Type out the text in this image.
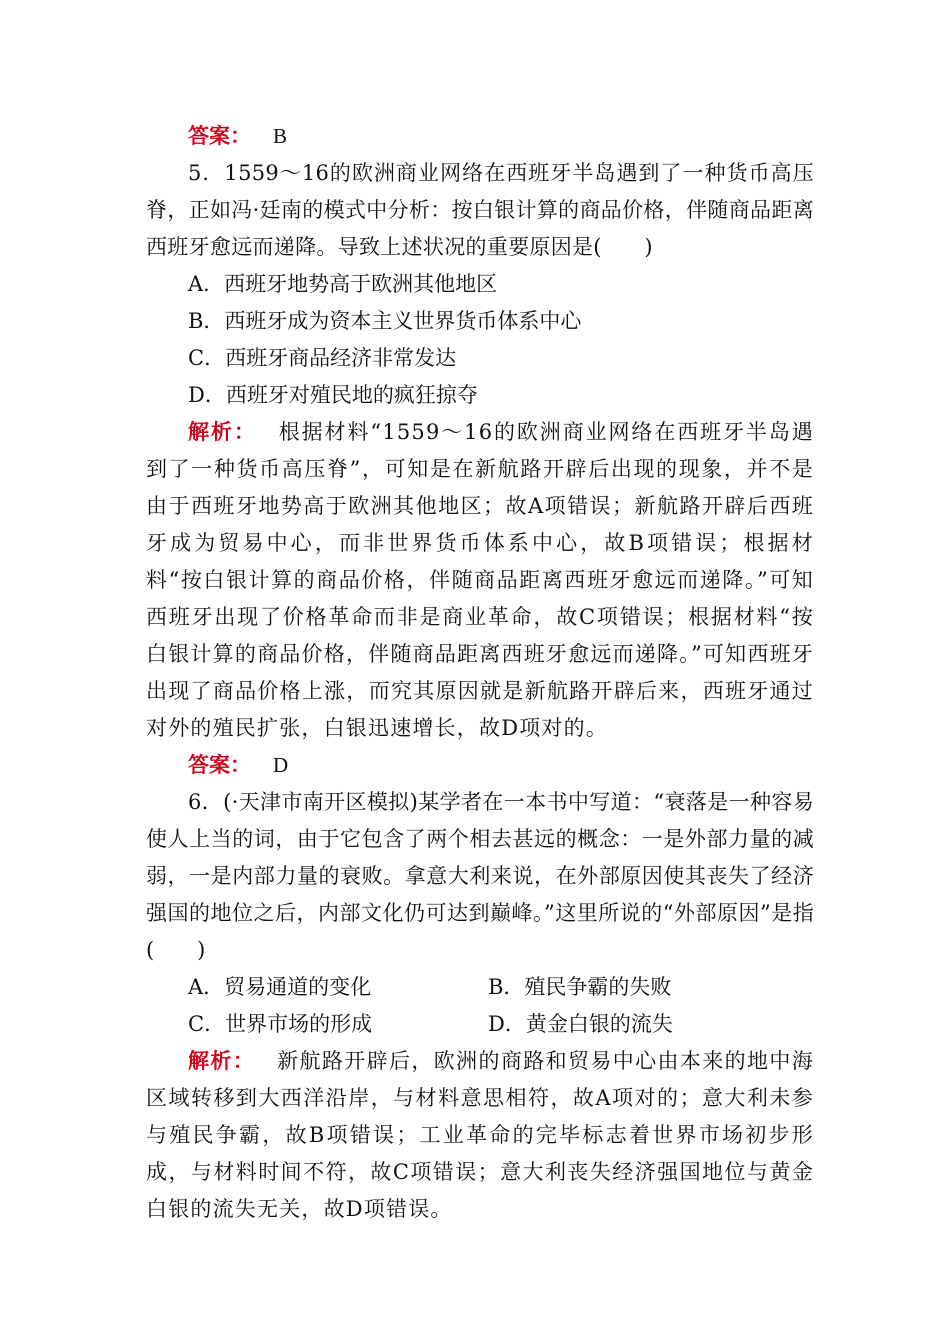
答案： B

5．1559～16的欧洲商业网络在西班牙半岛遇到了一种货币高压脊，正如冯·廷南的模式中分析：按白银计算的商品价格，伴随商品距离西班牙愈远而递降。导致上述状况的重要原因是(　　)

A．西班牙地势高于欧洲其他地区

B．西班牙成为资本主义世界货币体系中心

C．西班牙商品经济非常发达

D．西班牙对殖民地的疯狂掠夺

解析： 根据材料“1559～16的欧洲商业网络在西班牙半岛遇到了一种货币高压脊”，可知是在新航路开辟后出现的现象，并不是由于西班牙地势高于欧洲其他地区；故A项错误；新航路开辟后西班牙成为贸易中心，而非世界货币体系中心，故B项错误；根据材料“按白银计算的商品价格，伴随商品距离西班牙愈远而递降。”可知西班牙出现了价格革命而非是商业革命，故C项错误；根据材料“按白银计算的商品价格，伴随商品距离西班牙愈远而递降。”可知西班牙出现了商品价格上涨，而究其原因就是新航路开辟后来，西班牙通过对外的殖民扩张，白银迅速增长，故D项对的。

答案： D

6．(·天津市南开区模拟)某学者在一本书中写道：“衰落是一种容易使人上当的词，由于它包含了两个相去甚远的概念：一是外部力量的减弱，一是内部力量的衰败。拿意大利来说，在外部原因使其丧失了经济强国的地位之后，内部文化仍可达到巅峰。”这里所说的“外部原因”是指(　　)

A．贸易通道的变化	B．殖民争霸的失败
C．世界市场的形成	D．黄金白银的流失

解析： 新航路开辟后，欧洲的商路和贸易中心由本来的地中海区域转移到大西洋沿岸，与材料意思相符，故A项对的；意大利未参与殖民争霸，故B项错误；工业革命的完毕标志着世界市场初步形成，与材料时间不符，故C项错误；意大利丧失经济强国地位与黄金白银的流失无关，故D项错误。
